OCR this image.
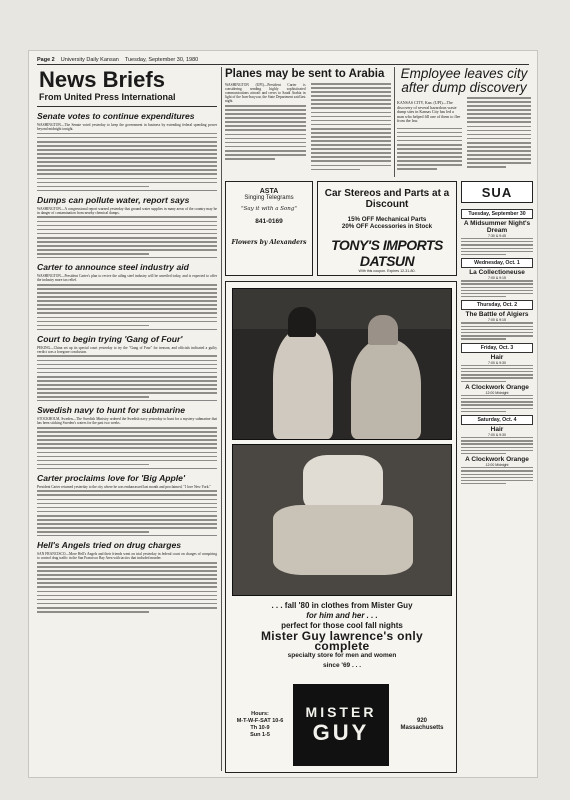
Page 2 University Daily Kansan Tuesday, September 30, 1980
News Briefs
From United Press International
Senate votes to continue expenditures

WASHINGTON—The Senate voted yesterday to keep the government in business by extending federal spending power beyond midnight tonight.

Dumps can pollute water, report says

WASHINGTON—A congressional report warned yesterday that ground water supplies in many areas of the country may be in danger of contamination from nearby chemical dumps.

Carter to announce steel industry aid

WASHINGTON—President Carter's plan to revive the ailing steel industry will be unveiled today, and is expected to offer the industry more tax relief.

Court to begin trying 'Gang of Four'

PEKING—China set up its special court yesterday to try the "Gang of Four" for treason, and officials indicated a guilty verdict was a foregone conclusion.

Swedish navy to hunt for submarine

STOCKHOLM, Sweden—The Swedish Ministry ordered the Swedish navy yesterday to hunt for a mystery submarine that has been sticking Sweden's waters for the past two weeks.

Carter proclaims love for 'Big Apple'

President Carter returned yesterday to the city where he was embarrassed last month and proclaimed, "I love New York."

Hell's Angels tried on drug charges

SAN FRANCISCO—More Hell's Angels and their friends went on trial yesterday in federal court on charges of conspiring to control drug traffic in the San Francisco Bay Area with tactics that included murder.

Planes may be sent to Arabia

WASHINGTON (UPI)—President Carter is considering sending highly sophisticated communications aircraft and crews to Saudi Arabia in light of the Iran-Iraq war, the State Department said last night.

Employee leaves city after dump discovery

KANSAS CITY, Kan. (UPI)—The discovery of several hazardous waste dump sites in Kansas City has led a man who helped fill one of them to flee from the law.

ASTA
Singing Telegrams
"Say it with a Song"
841-0169
Flowers by Alexanders
Car Stereos and Parts at a Discount
15% OFF Mechanical Parts
20% OFF Accessories in Stock
TONY'S IMPORTS DATSUN
With this coupon. Expires 12-31-80.
SUA
Tuesday, September 30
A Midsummer Night's Dream
7:30 & 9:45
Wednesday, Oct. 1
La Collectioneuse
7:00 & 9:15
Thursday, Oct. 2
The Battle of Algiers
7:00 & 9:15
Friday, Oct. 3
Hair
7:00 & 9:30
A Clockwork Orange
12:00 Midnight
Saturday, Oct. 4
Hair
7:00 & 9:30
A Clockwork Orange
12:00 Midnight
. . . fall '80 in clothes from Mister Guy
for him and her . . .
perfect for those cool fall nights
Mister Guy lawrence's only complete
specialty store for men and women
since '69 . . .
Hours:
M-T-W-F-SAT 10-6
Th 10-9
Sun 1-5
MISTER
GUY	920
Massachusetts
